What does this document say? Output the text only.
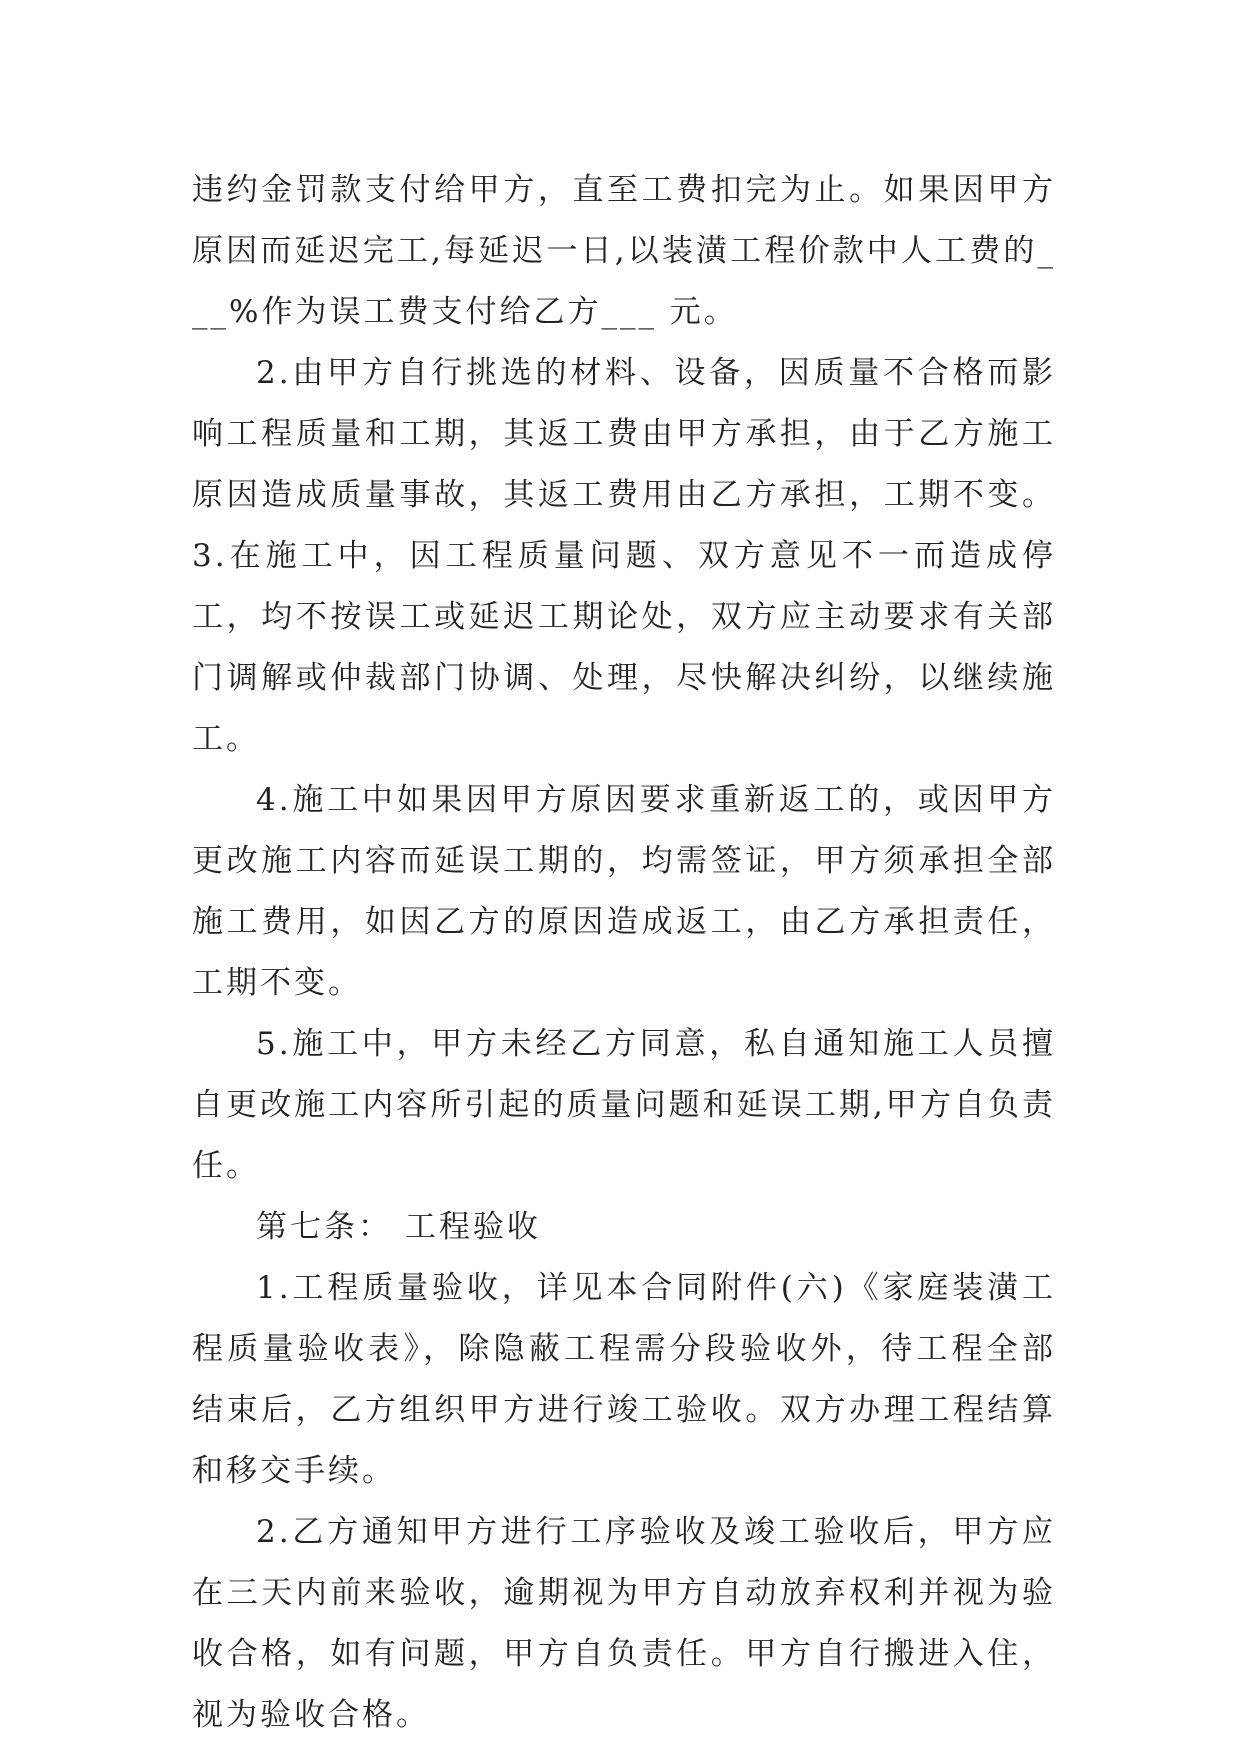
违约金罚款支付给甲方，直至工费扣完为止。如果因甲方原因而延迟完工,每延迟一日,以装潢工程价款中人工费的___%作为误工费支付给乙方___ 元。

2.由甲方自行挑选的材料、设备，因质量不合格而影响工程质量和工期，其返工费由甲方承担，由于乙方施工原因造成质量事故，其返工费用由乙方承担，工期不变。3.在施工中，因工程质量问题、双方意见不一而造成停工，均不按误工或延迟工期论处，双方应主动要求有关部门调解或仲裁部门协调、处理，尽快解决纠纷，以继续施工。

4.施工中如果因甲方原因要求重新返工的，或因甲方更改施工内容而延误工期的，均需签证，甲方须承担全部施工费用，如因乙方的原因造成返工，由乙方承担责任，工期不变。

5.施工中，甲方未经乙方同意，私自通知施工人员擅自更改施工内容所引起的质量问题和延误工期,甲方自负责任。

第七条： 工程验收

1.工程质量验收，详见本合同附件(六)《家庭装潢工程质量验收表》，除隐蔽工程需分段验收外，待工程全部结束后，乙方组织甲方进行竣工验收。双方办理工程结算和移交手续。

2.乙方通知甲方进行工序验收及竣工验收后，甲方应在三天内前来验收，逾期视为甲方自动放弃权利并视为验收合格，如有问题，甲方自负责任。甲方自行搬进入住，视为验收合格。
